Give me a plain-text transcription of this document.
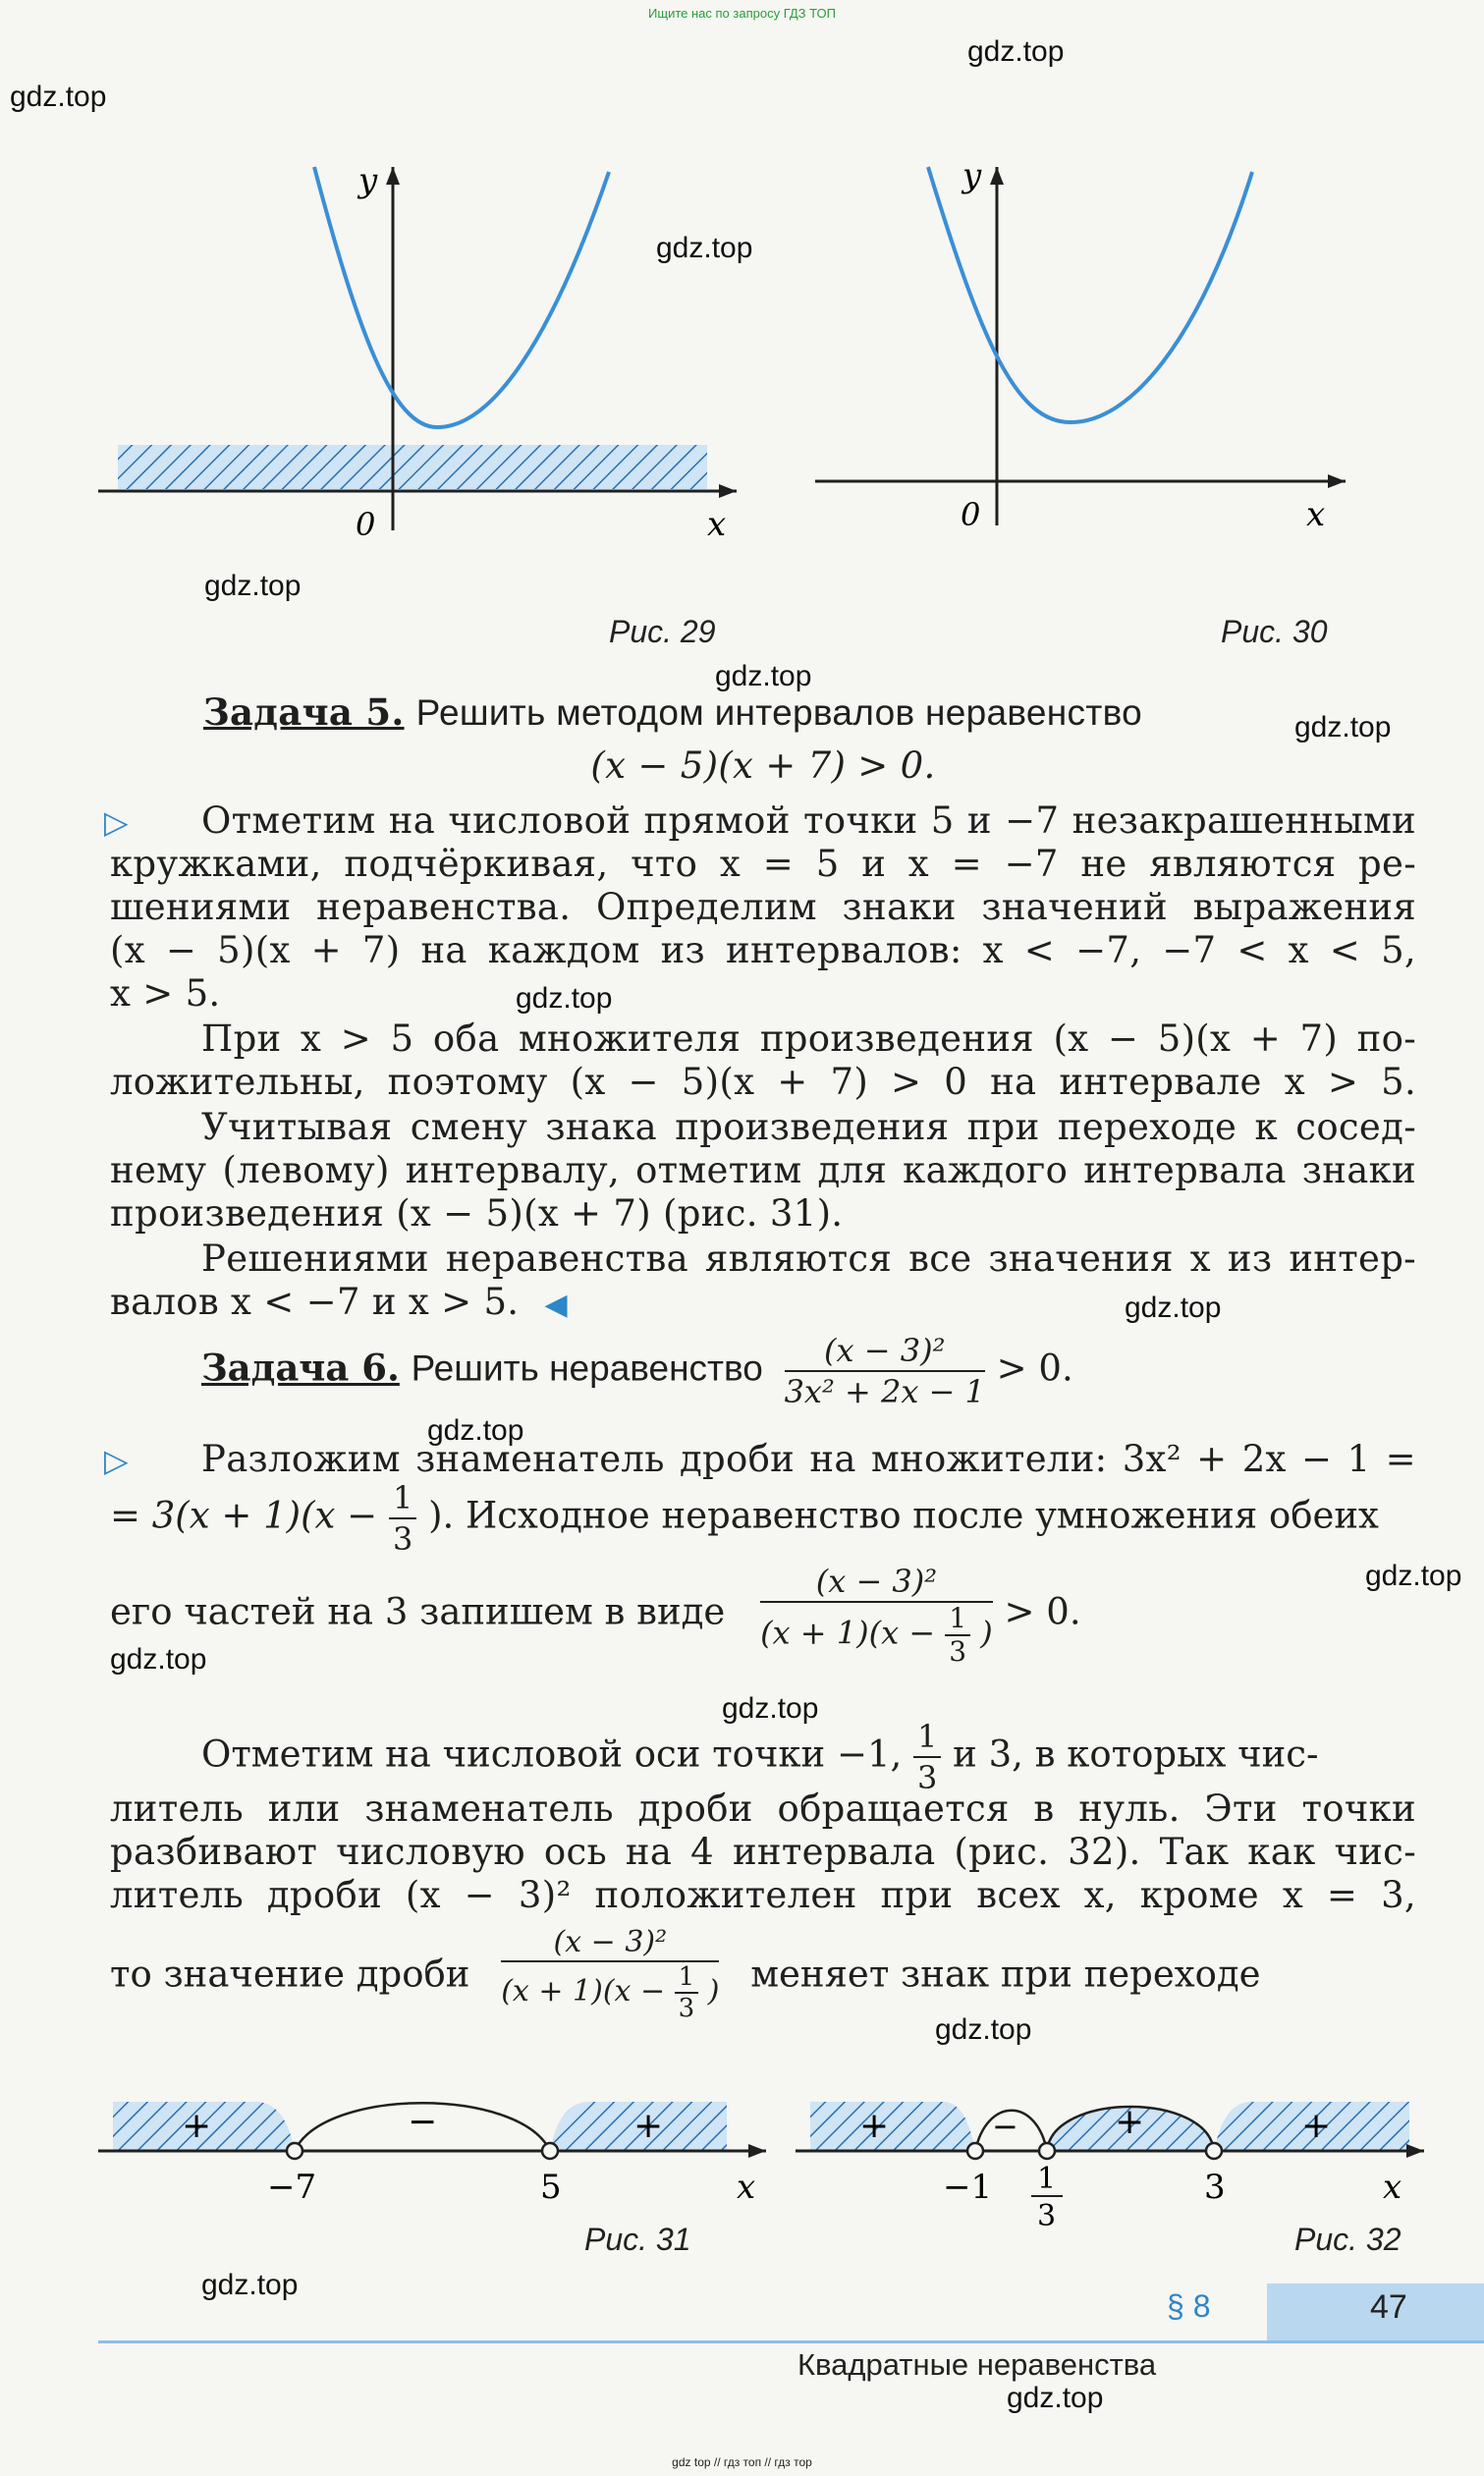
Ищите нас по запросу ГДЗ ТОП
gdz top // гдз топ // гдз тор
gdz.top
gdz.top
gdz.top
gdz.top
gdz.top
gdz.top
gdz.top
gdz.top
gdz.top
gdz.top
gdz.top
gdz.top
gdz.top
gdz.top
gdz.top
y
x
0
Рис. 29
y
x
0
Рис. 30
Задача 5. Решить методом интервалов неравенство
(x − 5)(x + 7) > 0.
▷ Отметим на числовой прямой точки 5 и −7 незакрашенными
кружками, подчёркивая, что x = 5 и x = −7 не являются ре-
шениями неравенства. Определим знаки значений выражения
(x − 5)(x + 7) на каждом из интервалов: x < −7, −7 < x < 5,
x > 5.
При x > 5 оба множителя произведения (x − 5)(x + 7) по-
ложительны, поэтому (x − 5)(x + 7) > 0 на интервале x > 5.
Учитывая смену знака произведения при переходе к сосед-
нему (левому) интервалу, отметим для каждого интервала знаки
произведения (x − 5)(x + 7) (рис. 31).
Решениями неравенства являются все значения x из интер-
валов x < −7 и x > 5. ◀
Задача 6. Решить неравенство $\frac{\text{(x − 3)²}}{\text{3x² + 2x − 1}} > 0$.
▷ Разложим знаменатель дроби на множители: 3x² + 2x − 1 =
= $3(x + 1)(x - \frac{1}{3}$ ). Исходное неравенство после умножения обеих
его частей на 3 запишем в виде $\frac{\text{(x − 3)²}}{(x + 1)(x - \frac{1}{3} )} > 0$.
Отметим на числовой оси точки −1, $\frac{1}{3}$ и 3, в которых чис-
литель или знаменатель дроби обращается в нуль. Эти точки
разбивают числовую ось на 4 интервала (рис. 32). Так как чис-
литель дроби (x − 3)² положителен при всех x, кроме x = 3,
то значение дроби $\frac{\text{(x − 3)²}}{(x + 1)(x - \frac{1}{3} )}$ меняет знак при переходе
+	−	+
−7	5	x
Рис. 31
+	−	+	+
−1 1
3
3	x
Рис. 32
§ 8	47
Квадратные неравенства
